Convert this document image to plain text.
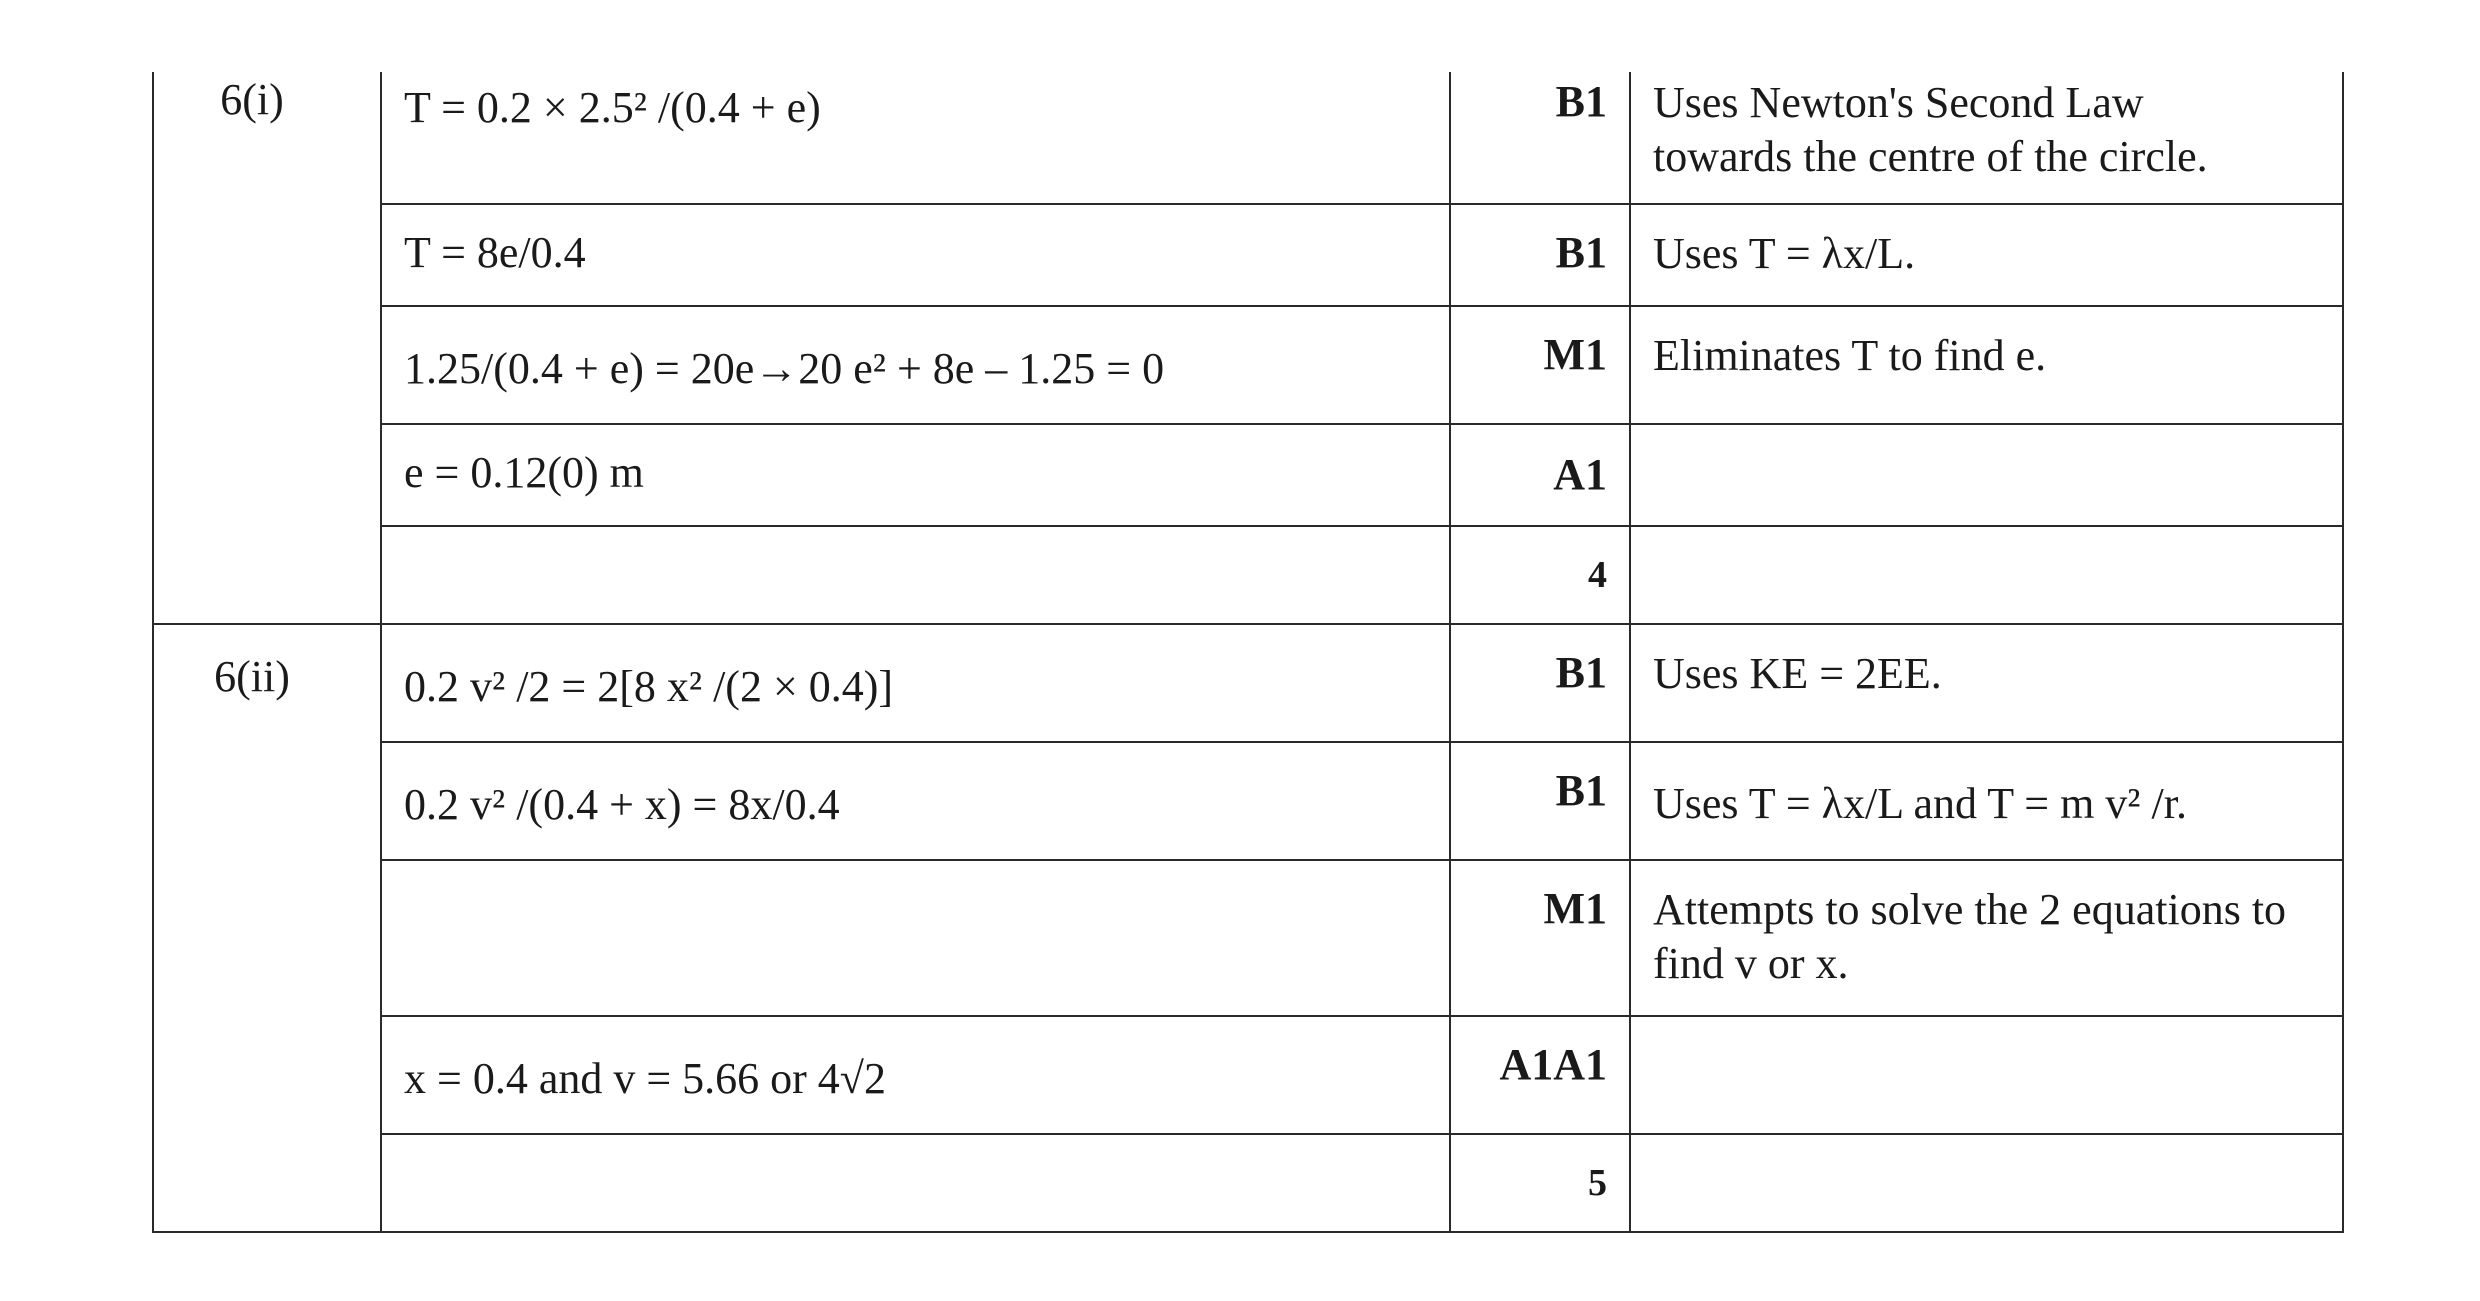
6(i)	T = 0.2 × 2.5² /(0.4 + e)	B1	Uses Newton's Second Law
towards the centre of the circle.

	T = 8e/0.4	B1	Uses T = λx/L.

	1.25/(0.4 + e) = 20e→20 e² + 8e – 1.25 = 0	M1	Eliminates T to find e.

	e = 0.12(0) m	A1	
		4	
6(ii)	0.2 v² /2 = 2[8 x² /(2 × 0.4)]	B1	Uses KE = 2EE.

	0.2 v² /(0.4 + x) = 8x/0.4	B1	Uses T = λx/L and T = m v² /r.

		M1	Attempts to solve the 2 equations to
find v or x.

	x = 0.4 and v = 5.66 or 4√2	A1A1	
		5	
